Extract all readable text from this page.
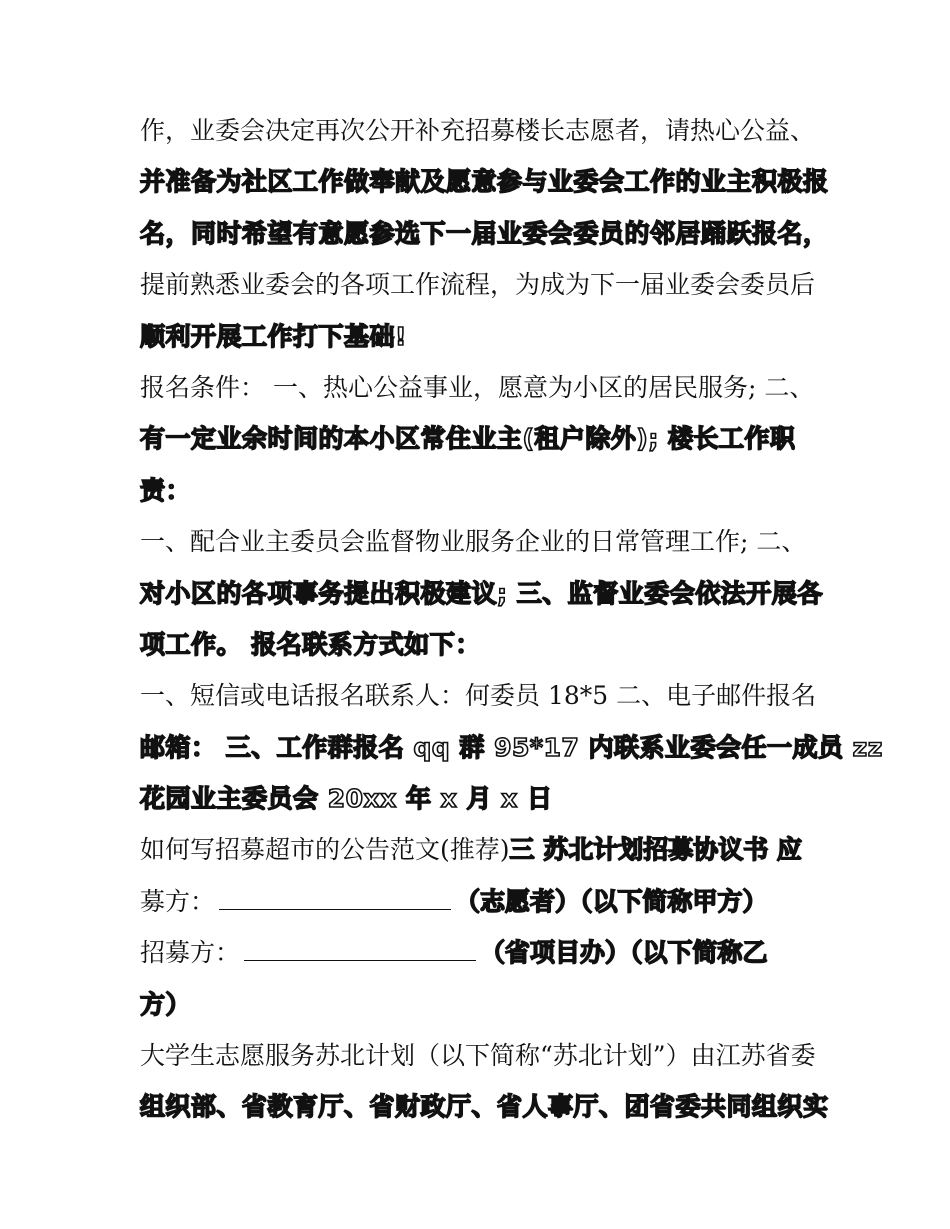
作，业委会决定再次公开补充招募楼长志愿者，请热心公益、
并准备为社区工作做奉献及愿意参与业委会工作的业主积极报
名，同时希望有意愿参选下一届业委会委员的邻居踊跃报名，
提前熟悉业委会的各项工作流程，为成为下一届业委会委员后
顺利开展工作打下基础!
报名条件： 一、热心公益事业，愿意为小区的居民服务; 二、
有一定业余时间的本小区常住业主(租户除外); 楼长工作职
责：
一、配合业主委员会监督物业服务企业的日常管理工作; 二、
对小区的各项事务提出积极建议; 三、监督业委会依法开展各
项工作。 报名联系方式如下：
一、短信或电话报名联系人：何委员 18*5 二、电子邮件报名
邮箱： 三、工作群报名 qq 群 95*17 内联系业委会任一成员 zz
花园业主委员会 20xx 年 x 月 x 日
如何写招募超市的公告范文(推荐)三 苏北计划招募协议书 应
募方：	（志愿者）（以下简称甲方）
招募方：	（省项目办）（以下简称乙
方）
大学生志愿服务苏北计划（以下简称“苏北计划”）由江苏省委
组织部、省教育厅、省财政厅、省人事厅、团省委共同组织实
